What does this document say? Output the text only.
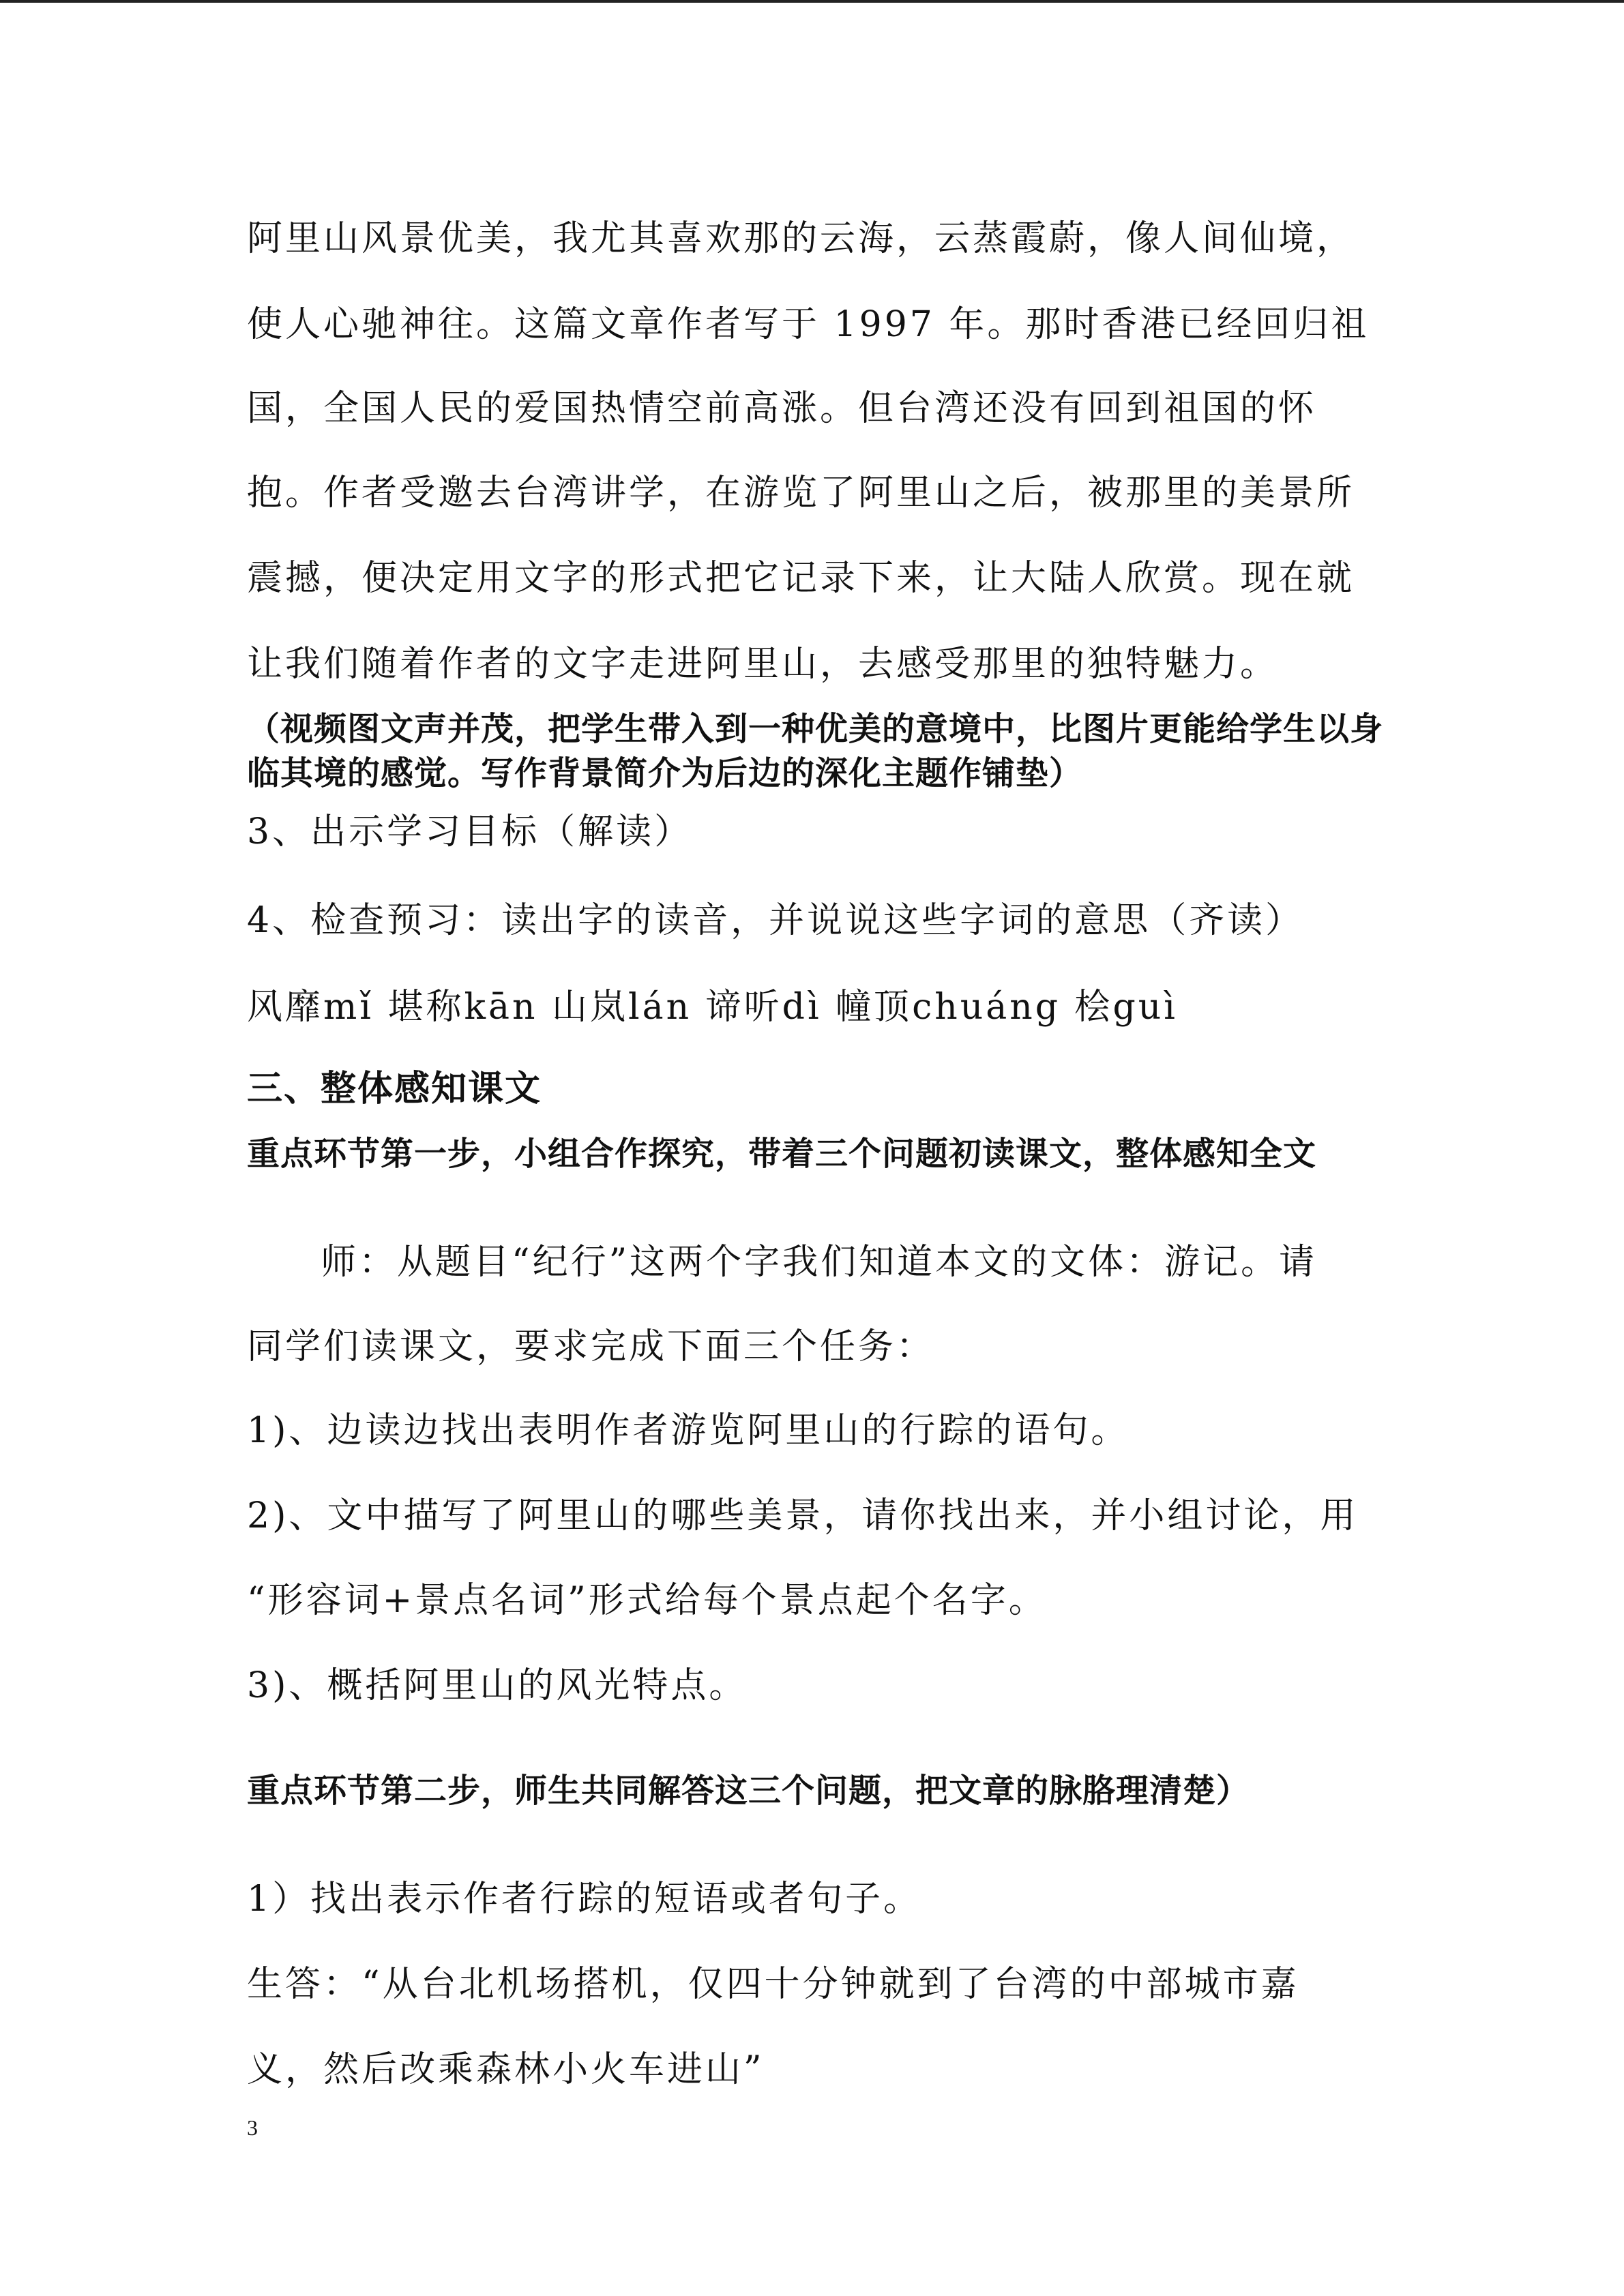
阿里山风景优美，我尤其喜欢那的云海，云蒸霞蔚，像人间仙境，
使人心驰神往。这篇文章作者写于 1997 年。那时香港已经回归祖
国，全国人民的爱国热情空前高涨。但台湾还没有回到祖国的怀
抱。作者受邀去台湾讲学，在游览了阿里山之后，被那里的美景所
震撼，便决定用文字的形式把它记录下来，让大陆人欣赏。现在就
让我们随着作者的文字走进阿里山，去感受那里的独特魅力。
（视频图文声并茂，把学生带入到一种优美的意境中，比图片更能给学生以身
临其境的感觉。写作背景简介为后边的深化主题作铺垫）
3、出示学习目标（解读）
4、检查预习：读出字的读音，并说说这些字词的意思（齐读）
风靡mǐ 堪称kān 山岚lán 谛听dì 幢顶chuáng 桧guì
三、整体感知课文
重点环节第一步，小组合作探究，带着三个问题初读课文，整体感知全文
师：从题目“纪行”这两个字我们知道本文的文体：游记。请
同学们读课文，要求完成下面三个任务：
1)、边读边找出表明作者游览阿里山的行踪的语句。
2)、文中描写了阿里山的哪些美景，请你找出来，并小组讨论，用
“形容词+景点名词”形式给每个景点起个名字。
3)、概括阿里山的风光特点。
重点环节第二步，师生共同解答这三个问题，把文章的脉胳理清楚）
1）找出表示作者行踪的短语或者句子。
生答：“从台北机场搭机，仅四十分钟就到了台湾的中部城市嘉
义，然后改乘森林小火车进山”
3
